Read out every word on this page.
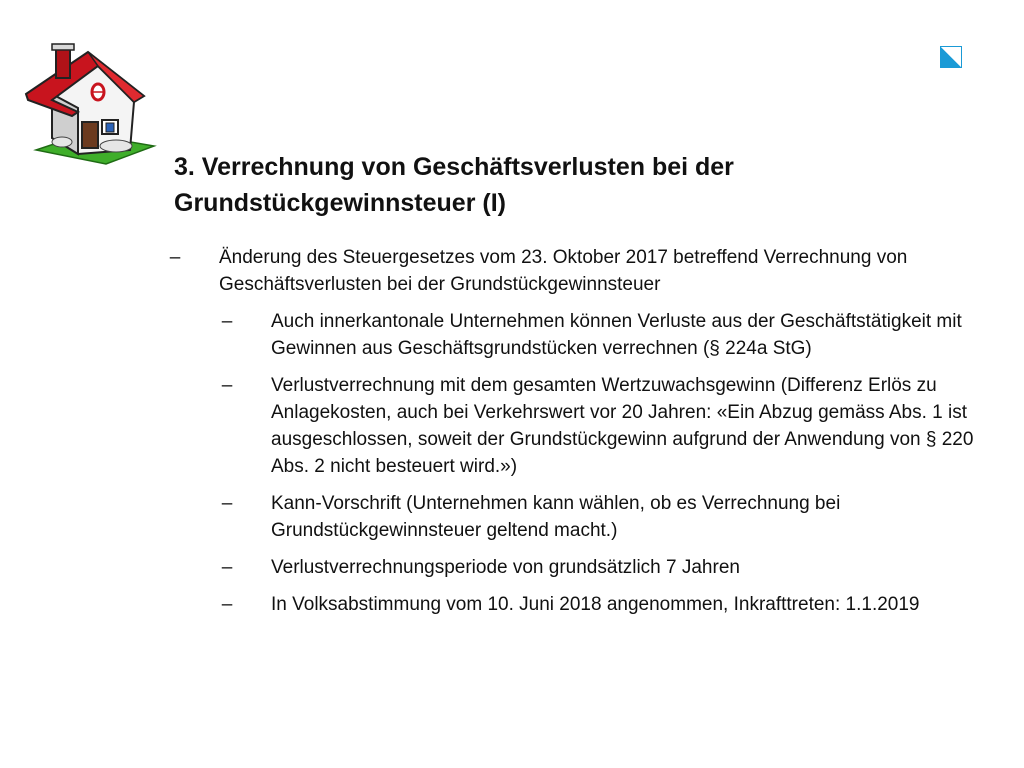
3. Verrechnung von Geschäftsverlusten bei der
Grundstückgewinnsteuer (I)
– Änderung des Steuergesetzes vom 23. Oktober 2017 betreffend Verrechnung von Geschäftsverlusten bei der Grundstückgewinnsteuer
– Auch innerkantonale Unternehmen können Verluste aus der Geschäftstätigkeit mit Gewinnen aus Geschäftsgrundstücken verrechnen (§ 224a StG)
– Verlustverrechnung mit dem gesamten Wertzuwachsgewinn (Differenz Erlös zu Anlagekosten, auch bei Verkehrswert vor 20 Jahren: «Ein Abzug gemäss Abs. 1 ist ausgeschlossen, soweit der Grundstückgewinn aufgrund der Anwendung von § 220 Abs. 2 nicht besteuert wird.»)
– Kann-Vorschrift (Unternehmen kann wählen, ob es Verrechnung bei Grundstückgewinnsteuer geltend macht.)
– Verlustverrechnungsperiode von grundsätzlich 7 Jahren
– In Volksabstimmung vom 10. Juni 2018 angenommen, Inkrafttreten: 1.1.2019
